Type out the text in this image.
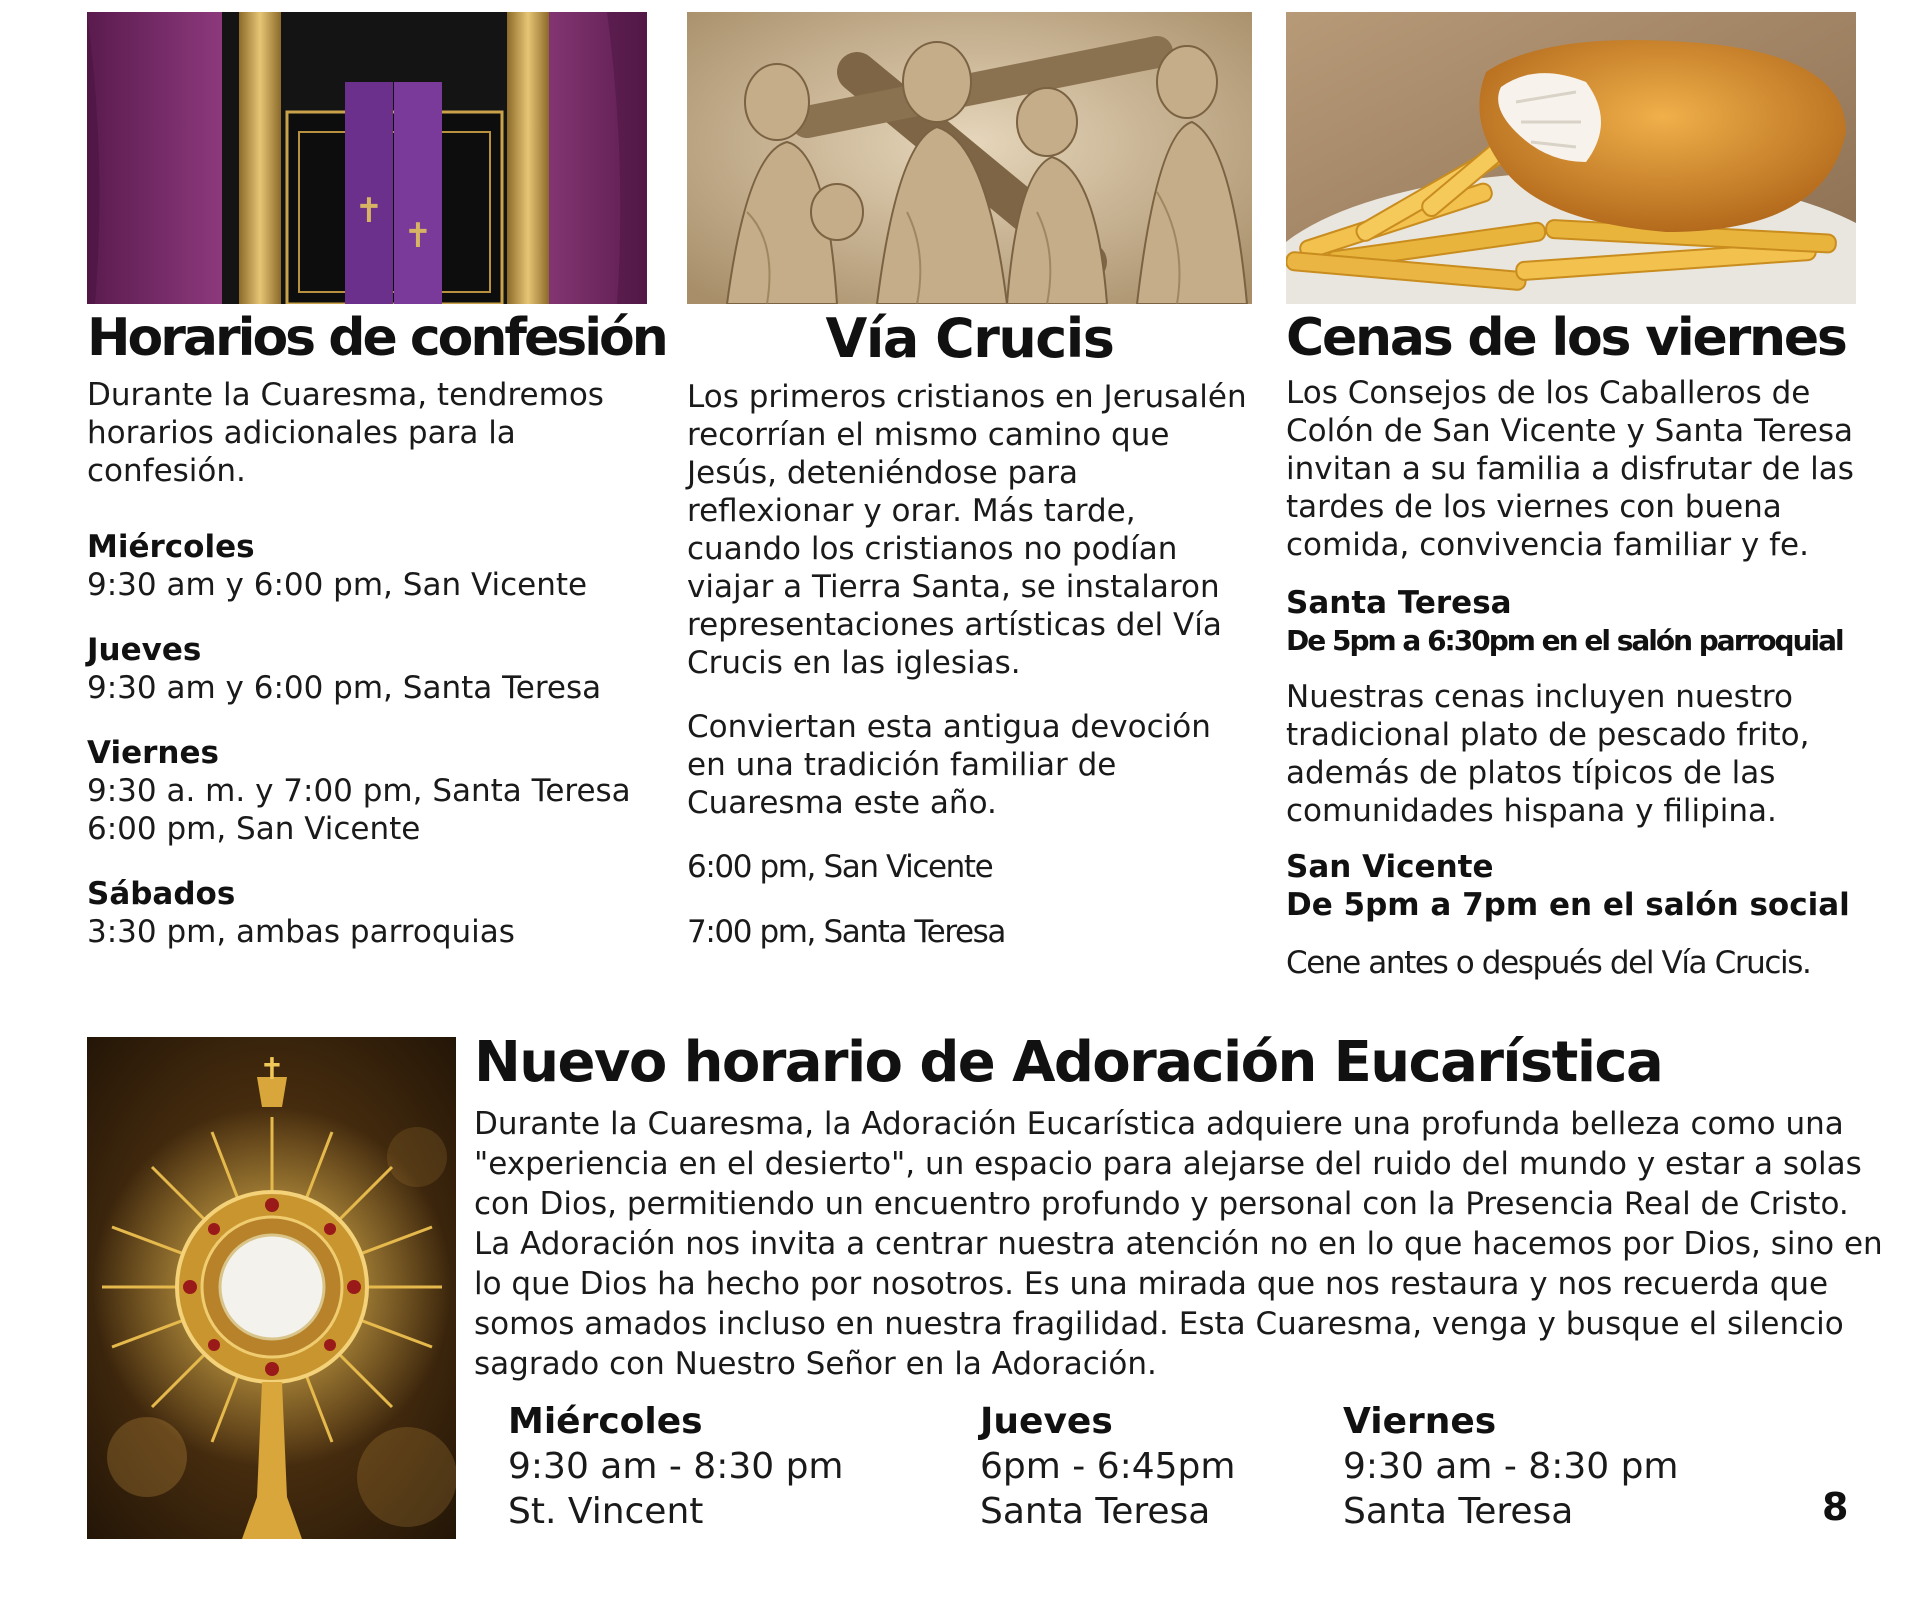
✝
✝
Horarios de confesión
Durante la Cuaresma, tendremos horarios adicionales para la confesión.
Miércoles
9:30 am y 6:00 pm, San Vicente
Jueves
9:30 am y 6:00 pm, Santa Teresa
Viernes
9:30 a. m. y 7:00 pm, Santa Teresa
6:00 pm, San Vicente
Sábados
3:30 pm, ambas parroquias
Vía Crucis
Los primeros cristianos en Jerusalén recorrían el mismo camino que Jesús, deteniéndose para reflexionar y orar. Más tarde, cuando los cristianos no podían viajar a Tierra Santa, se instalaron representaciones artísticas del Vía Crucis en las iglesias.
Conviertan esta antigua devoción en una tradición familiar de Cuaresma este año.
6:00 pm, San Vicente
7:00 pm, Santa Teresa
Cenas de los viernes
Los Consejos de los Caballeros de Colón de San Vicente y Santa Teresa invitan a su familia a disfrutar de las tardes de los viernes con buena comida, convivencia familiar y fe.
Santa Teresa
De 5pm a 6:30pm en el salón parroquial
Nuestras cenas incluyen nuestro tradicional plato de pescado frito, además de platos típicos de las comunidades hispana y filipina.
San Vicente
De 5pm a 7pm en el salón social
Cene antes o después del Vía Crucis.
✝	Nuevo horario de Adoración Eucarística
Durante la Cuaresma, la Adoración Eucarística adquiere una profunda belleza como una "experiencia en el desierto", un espacio para alejarse del ruido del mundo y estar a solas con Dios, permitiendo un encuentro profundo y personal con la Presencia Real de Cristo. La Adoración nos invita a centrar nuestra atención no en lo que hacemos por Dios, sino en lo que Dios ha hecho por nosotros. Es una mirada que nos restaura y nos recuerda que somos amados incluso en nuestra fragilidad. Esta Cuaresma, venga y busque el silencio sagrado con Nuestro Señor en la Adoración.
Miércoles
9:30 am - 8:30 pm
St. Vincent
Jueves
6pm - 6:45pm
Santa Teresa
Viernes
9:30 am - 8:30 pm
Santa Teresa	8
